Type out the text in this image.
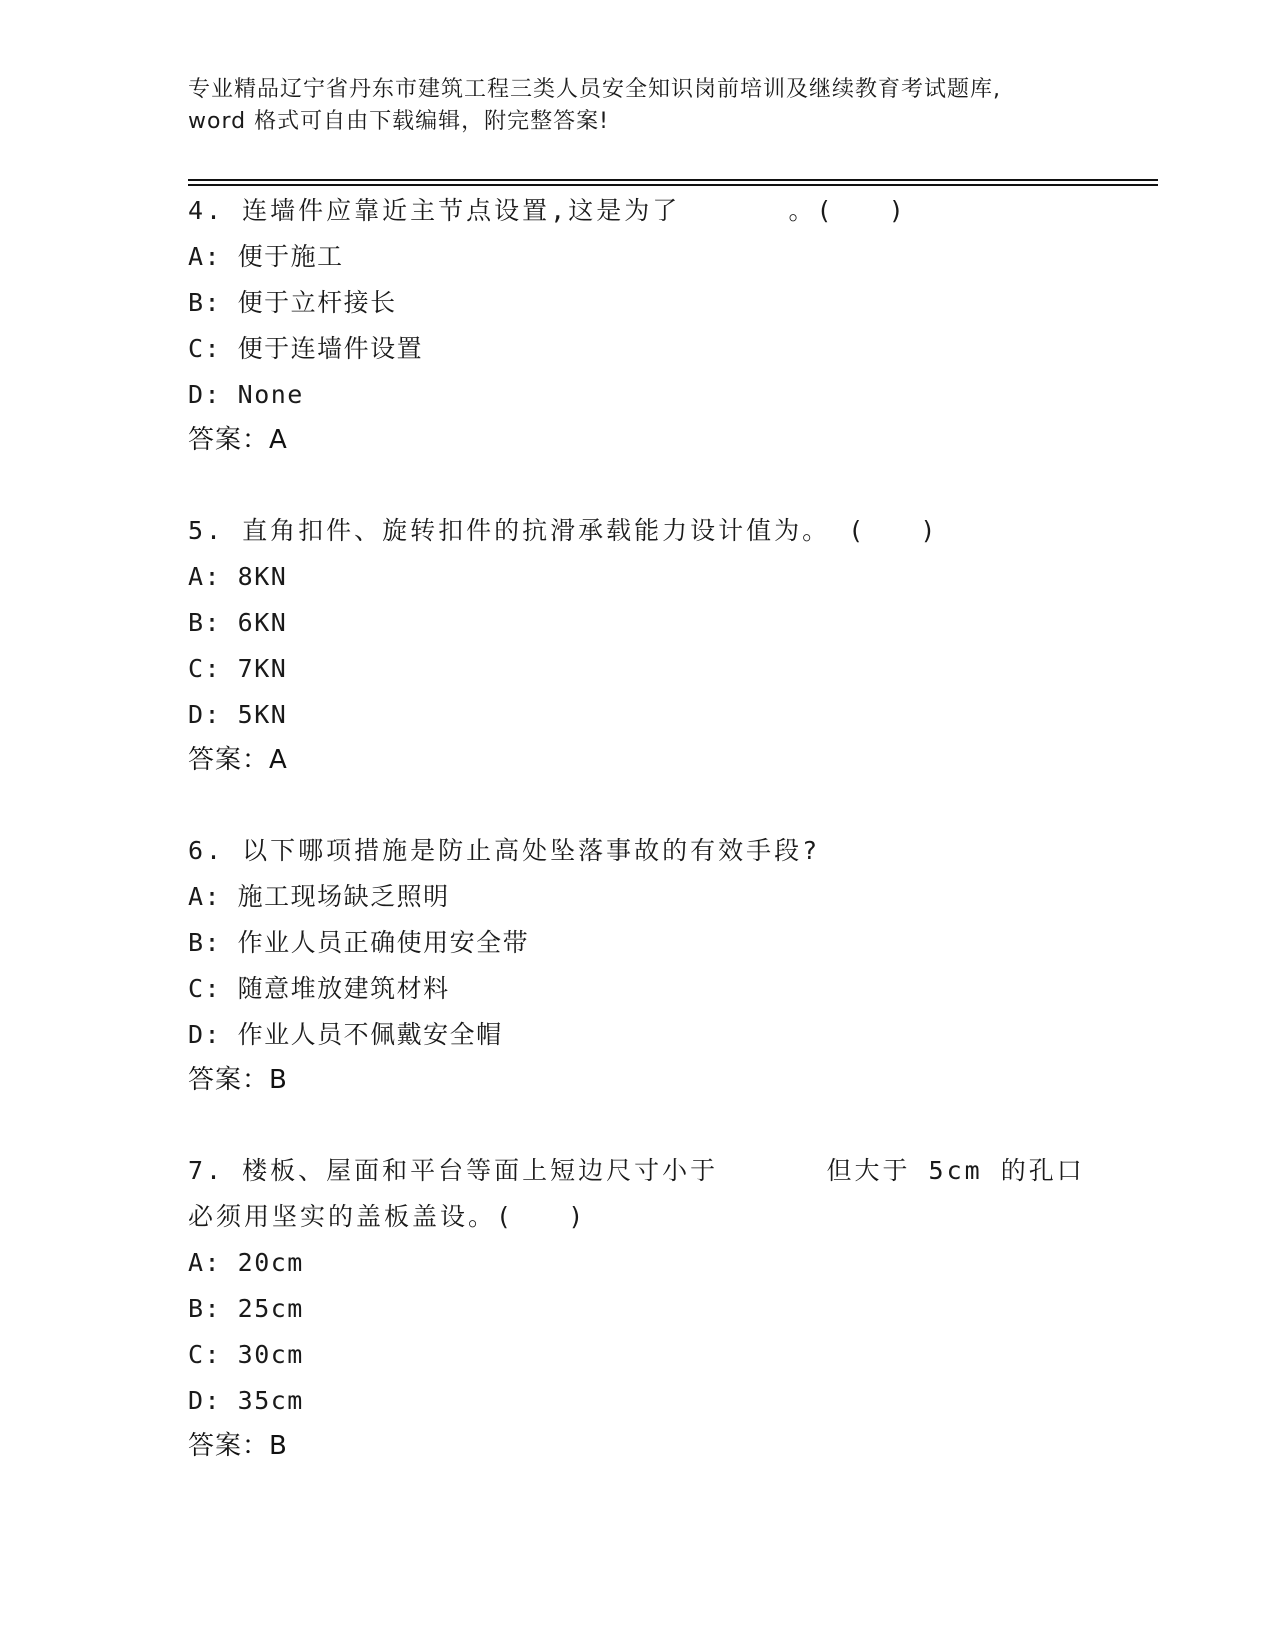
专业精品辽宁省丹东市建筑工程三类人员安全知识岗前培训及继续教育考试题库,
word 格式可自由下载编辑，附完整答案!
4. 连墙件应靠近主节点设置,这是为了      。(   )
A: 便于施工
B: 便于立杆接长
C: 便于连墙件设置
D: None
答案：A
5. 直角扣件、旋转扣件的抗滑承载能力设计值为。 (   )
A: 8KN
B: 6KN
C: 7KN
D: 5KN
答案：A
6. 以下哪项措施是防止高处坠落事故的有效手段?
A: 施工现场缺乏照明
B: 作业人员正确使用安全带
C: 随意堆放建筑材料
D: 作业人员不佩戴安全帽
答案：B
7. 楼板、屋面和平台等面上短边尺寸小于      但大于 5cm 的孔口必须用坚实的盖板盖设。(   )
A: 20cm
B: 25cm
C: 30cm
D: 35cm
答案：B
